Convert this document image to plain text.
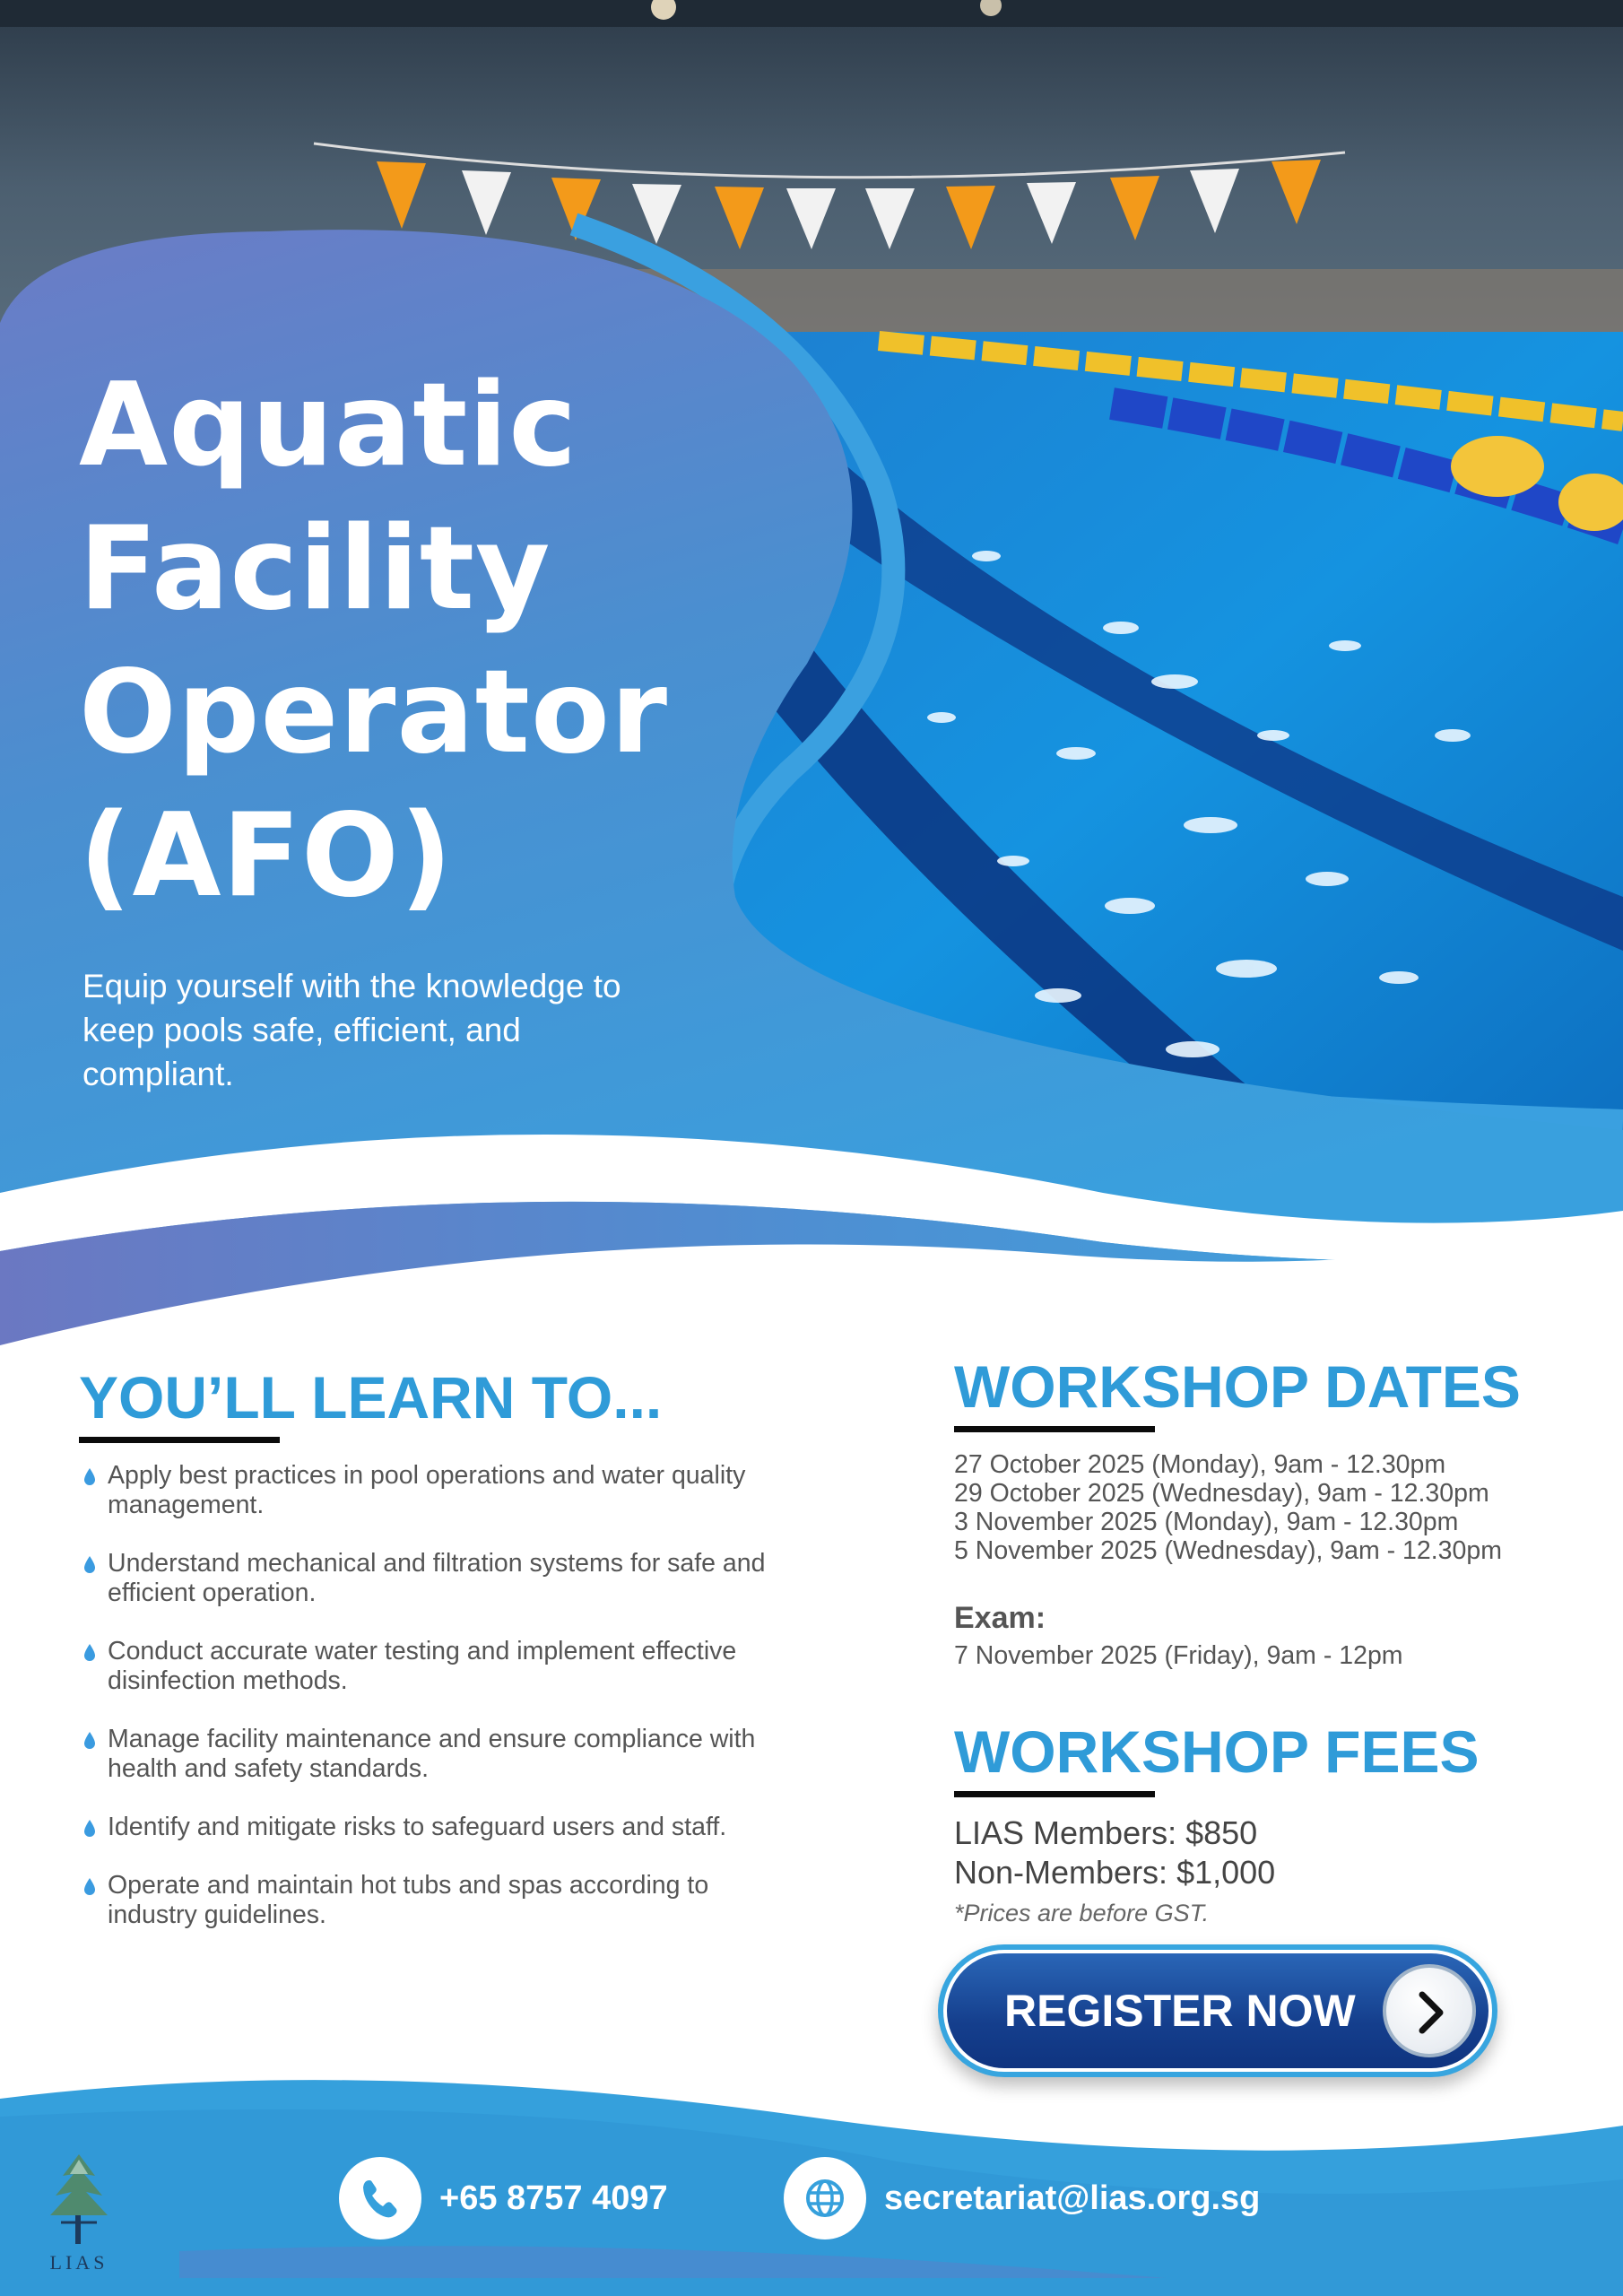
Aquatic
Facility
Operator
(AFO)
Equip yourself with the knowledge to keep pools safe, efficient, and compliant.
YOU’LL LEARN TO...
Apply best practices in pool operations and water quality management.
Understand mechanical and filtration systems for safe and efficient operation.
Conduct accurate water testing and implement effective disinfection methods.
Manage facility maintenance and ensure compliance with health and safety standards.
Identify and mitigate risks to safeguard users and staff.
Operate and maintain hot tubs and spas according to industry guidelines.
WORKSHOP DATES
27 October 2025 (Monday), 9am - 12.30pm
29 October 2025 (Wednesday), 9am - 12.30pm
3 November 2025 (Monday), 9am - 12.30pm
5 November 2025 (Wednesday), 9am - 12.30pm
Exam:
7 November 2025 (Friday), 9am - 12pm
WORKSHOP FEES
LIAS Members: $850
Non-Members: $1,000
*Prices are before GST.
REGISTER NOW
LIAS
+65 8757 4097	secretariat@lias.org.sg
